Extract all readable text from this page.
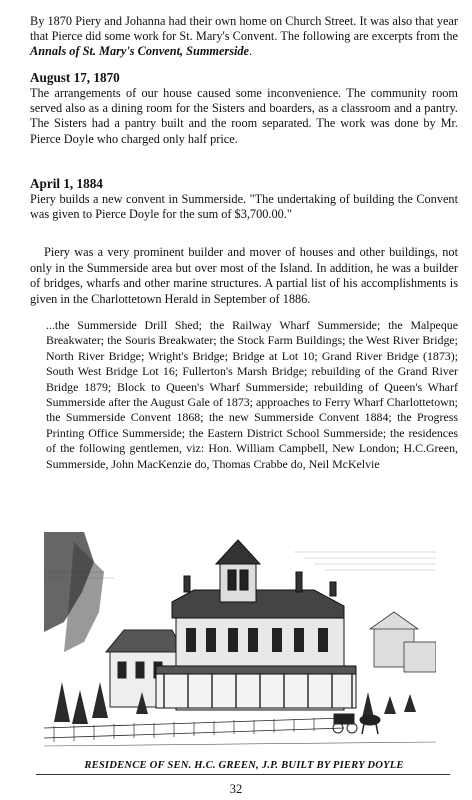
By 1870 Piery and Johanna had their own home on Church Street. It was also that year that Pierce did some work for St. Mary's Convent. The following are excerpts from the Annals of St. Mary's Convent, Summerside.

August 17, 1870

The arrangements of our house caused some inconvenience. The community room served also as a dining room for the Sisters and boarders, as a classroom and a pantry. The Sisters had a pantry built and the room separated. The work was done by Mr. Pierce Doyle who charged only half price.

April 1, 1884

Piery builds a new convent in Summerside. "The undertaking of building the Convent was given to Pierce Doyle for the sum of $3,700.00."

Piery was a very prominent builder and mover of houses and other buildings, not only in the Summerside area but over most of the Island. In addition, he was a builder of bridges, wharfs and other marine structures. A partial list of his accomplishments is given in the Charlottetown Herald in September of 1886.

...the Summerside Drill Shed; the Railway Wharf Summerside; the Malpeque Breakwater; the Souris Breakwater; the Stock Farm Buildings; the West River Bridge; North River Bridge; Wright's Bridge; Bridge at Lot 10; Grand River Bridge (1873); South West Bridge Lot 16; Fullerton's Marsh Bridge; rebuilding of the Grand River Bridge 1879; Block to Queen's Wharf Summerside; rebuilding of Queen's Wharf Summerside after the August Gale of 1873; approaches to Ferry Wharf Charlottetown; the Summerside Convent 1868; the new Summerside Convent 1884; the Progress Printing Office Summerside; the Eastern District School Summerside; the residences of the following gentlemen, viz: Hon. William Campbell, New London; H.C.Green, Summerside, John MacKenzie do, Thomas Crabbe do, Neil McKelvie

RESIDENCE OF SEN. H.C. GREEN, J.P. BUILT BY PIERY DOYLE

32
